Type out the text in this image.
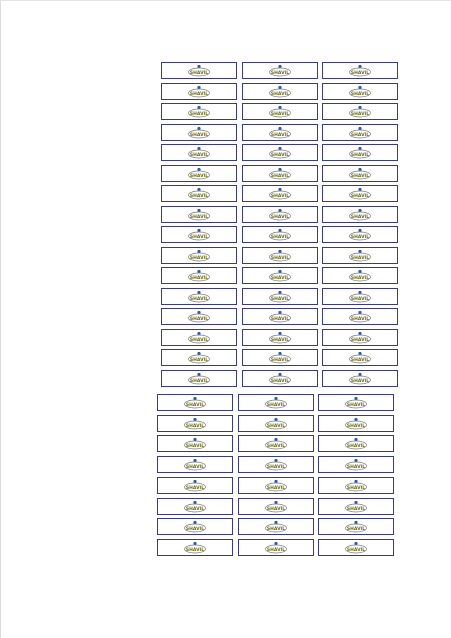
SHAVIL	SHAVIL	SHAVIL
SHAVIL	SHAVIL	SHAVIL
SHAVIL	SHAVIL	SHAVIL
SHAVIL	SHAVIL	SHAVIL
SHAVIL	SHAVIL	SHAVIL
SHAVIL	SHAVIL	SHAVIL
SHAVIL	SHAVIL	SHAVIL
SHAVIL	SHAVIL	SHAVIL
SHAVIL	SHAVIL	SHAVIL
SHAVIL	SHAVIL	SHAVIL
SHAVIL	SHAVIL	SHAVIL
SHAVIL	SHAVIL	SHAVIL
SHAVIL	SHAVIL	SHAVIL
SHAVIL	SHAVIL	SHAVIL
SHAVIL	SHAVIL	SHAVIL
SHAVIL	SHAVIL	SHAVIL
SHAVIL	SHAVIL	SHAVIL
SHAVIL	SHAVIL	SHAVIL
SHAVIL	SHAVIL	SHAVIL
SHAVIL	SHAVIL	SHAVIL
SHAVIL	SHAVIL	SHAVIL
SHAVIL	SHAVIL	SHAVIL
SHAVIL	SHAVIL	SHAVIL
SHAVIL	SHAVIL	SHAVIL
